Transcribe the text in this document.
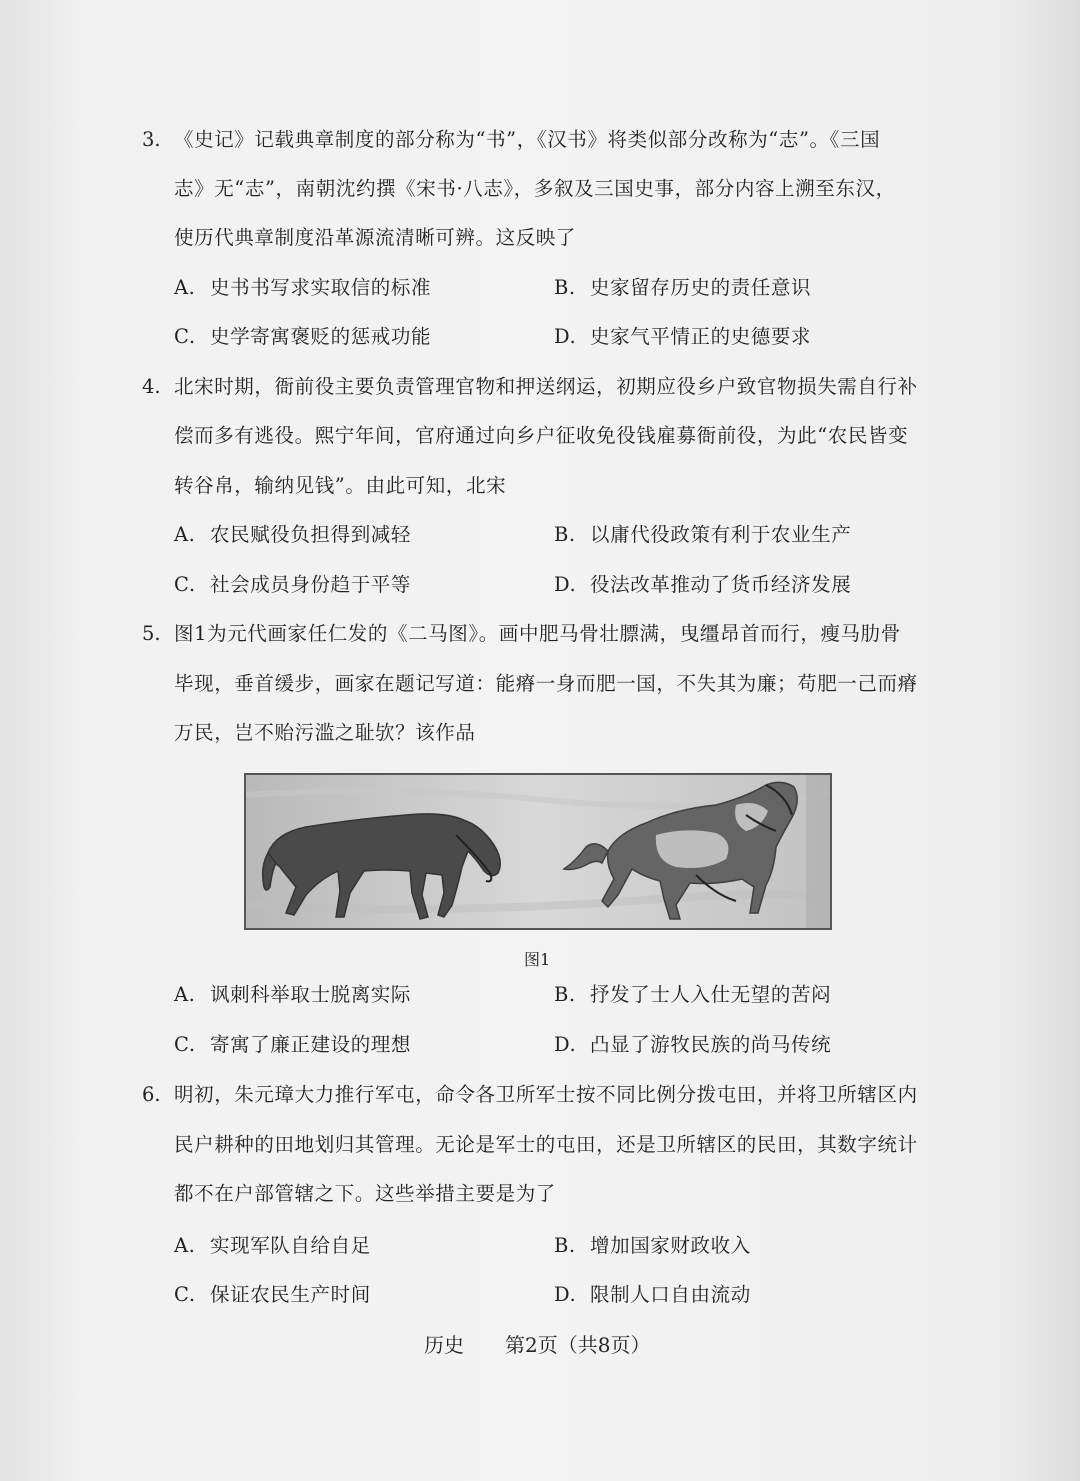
3. 《史记》记载典章制度的部分称为“书”，《汉书》将类似部分改称为“志”。《三国
志》无“志”，南朝沈约撰《宋书·八志》，多叙及三国史事，部分内容上溯至东汉，
使历代典章制度沿革源流清晰可辨。这反映了
A. 史书书写求实取信的标准	B. 史家留存历史的责任意识
C. 史学寄寓褒贬的惩戒功能	D. 史家气平情正的史德要求
4. 北宋时期，衙前役主要负责管理官物和押送纲运，初期应役乡户致官物损失需自行补
偿而多有逃役。熙宁年间，官府通过向乡户征收免役钱雇募衙前役，为此“农民皆变
转谷帛，输纳见钱”。由此可知，北宋
A. 农民赋役负担得到减轻	B. 以庸代役政策有利于农业生产
C. 社会成员身份趋于平等	D. 役法改革推动了货币经济发展
5. 图1为元代画家任仁发的《二马图》。画中肥马骨壮膘满，曳缰昂首而行，瘦马肋骨
毕现，垂首缓步，画家在题记写道：能瘠一身而肥一国，不失其为廉；苟肥一己而瘠
万民，岂不贻污滥之耻欤？该作品
图1
A. 讽刺科举取士脱离实际	B. 抒发了士人入仕无望的苦闷
C. 寄寓了廉正建设的理想	D. 凸显了游牧民族的尚马传统
6. 明初，朱元璋大力推行军屯，命令各卫所军士按不同比例分拨屯田，并将卫所辖区内
民户耕种的田地划归其管理。无论是军士的屯田，还是卫所辖区的民田，其数字统计
都不在户部管辖之下。这些举措主要是为了
A. 实现军队自给自足	B. 增加国家财政收入
C. 保证农民生产时间	D. 限制人口自由流动
历史 第2页（共8页）
